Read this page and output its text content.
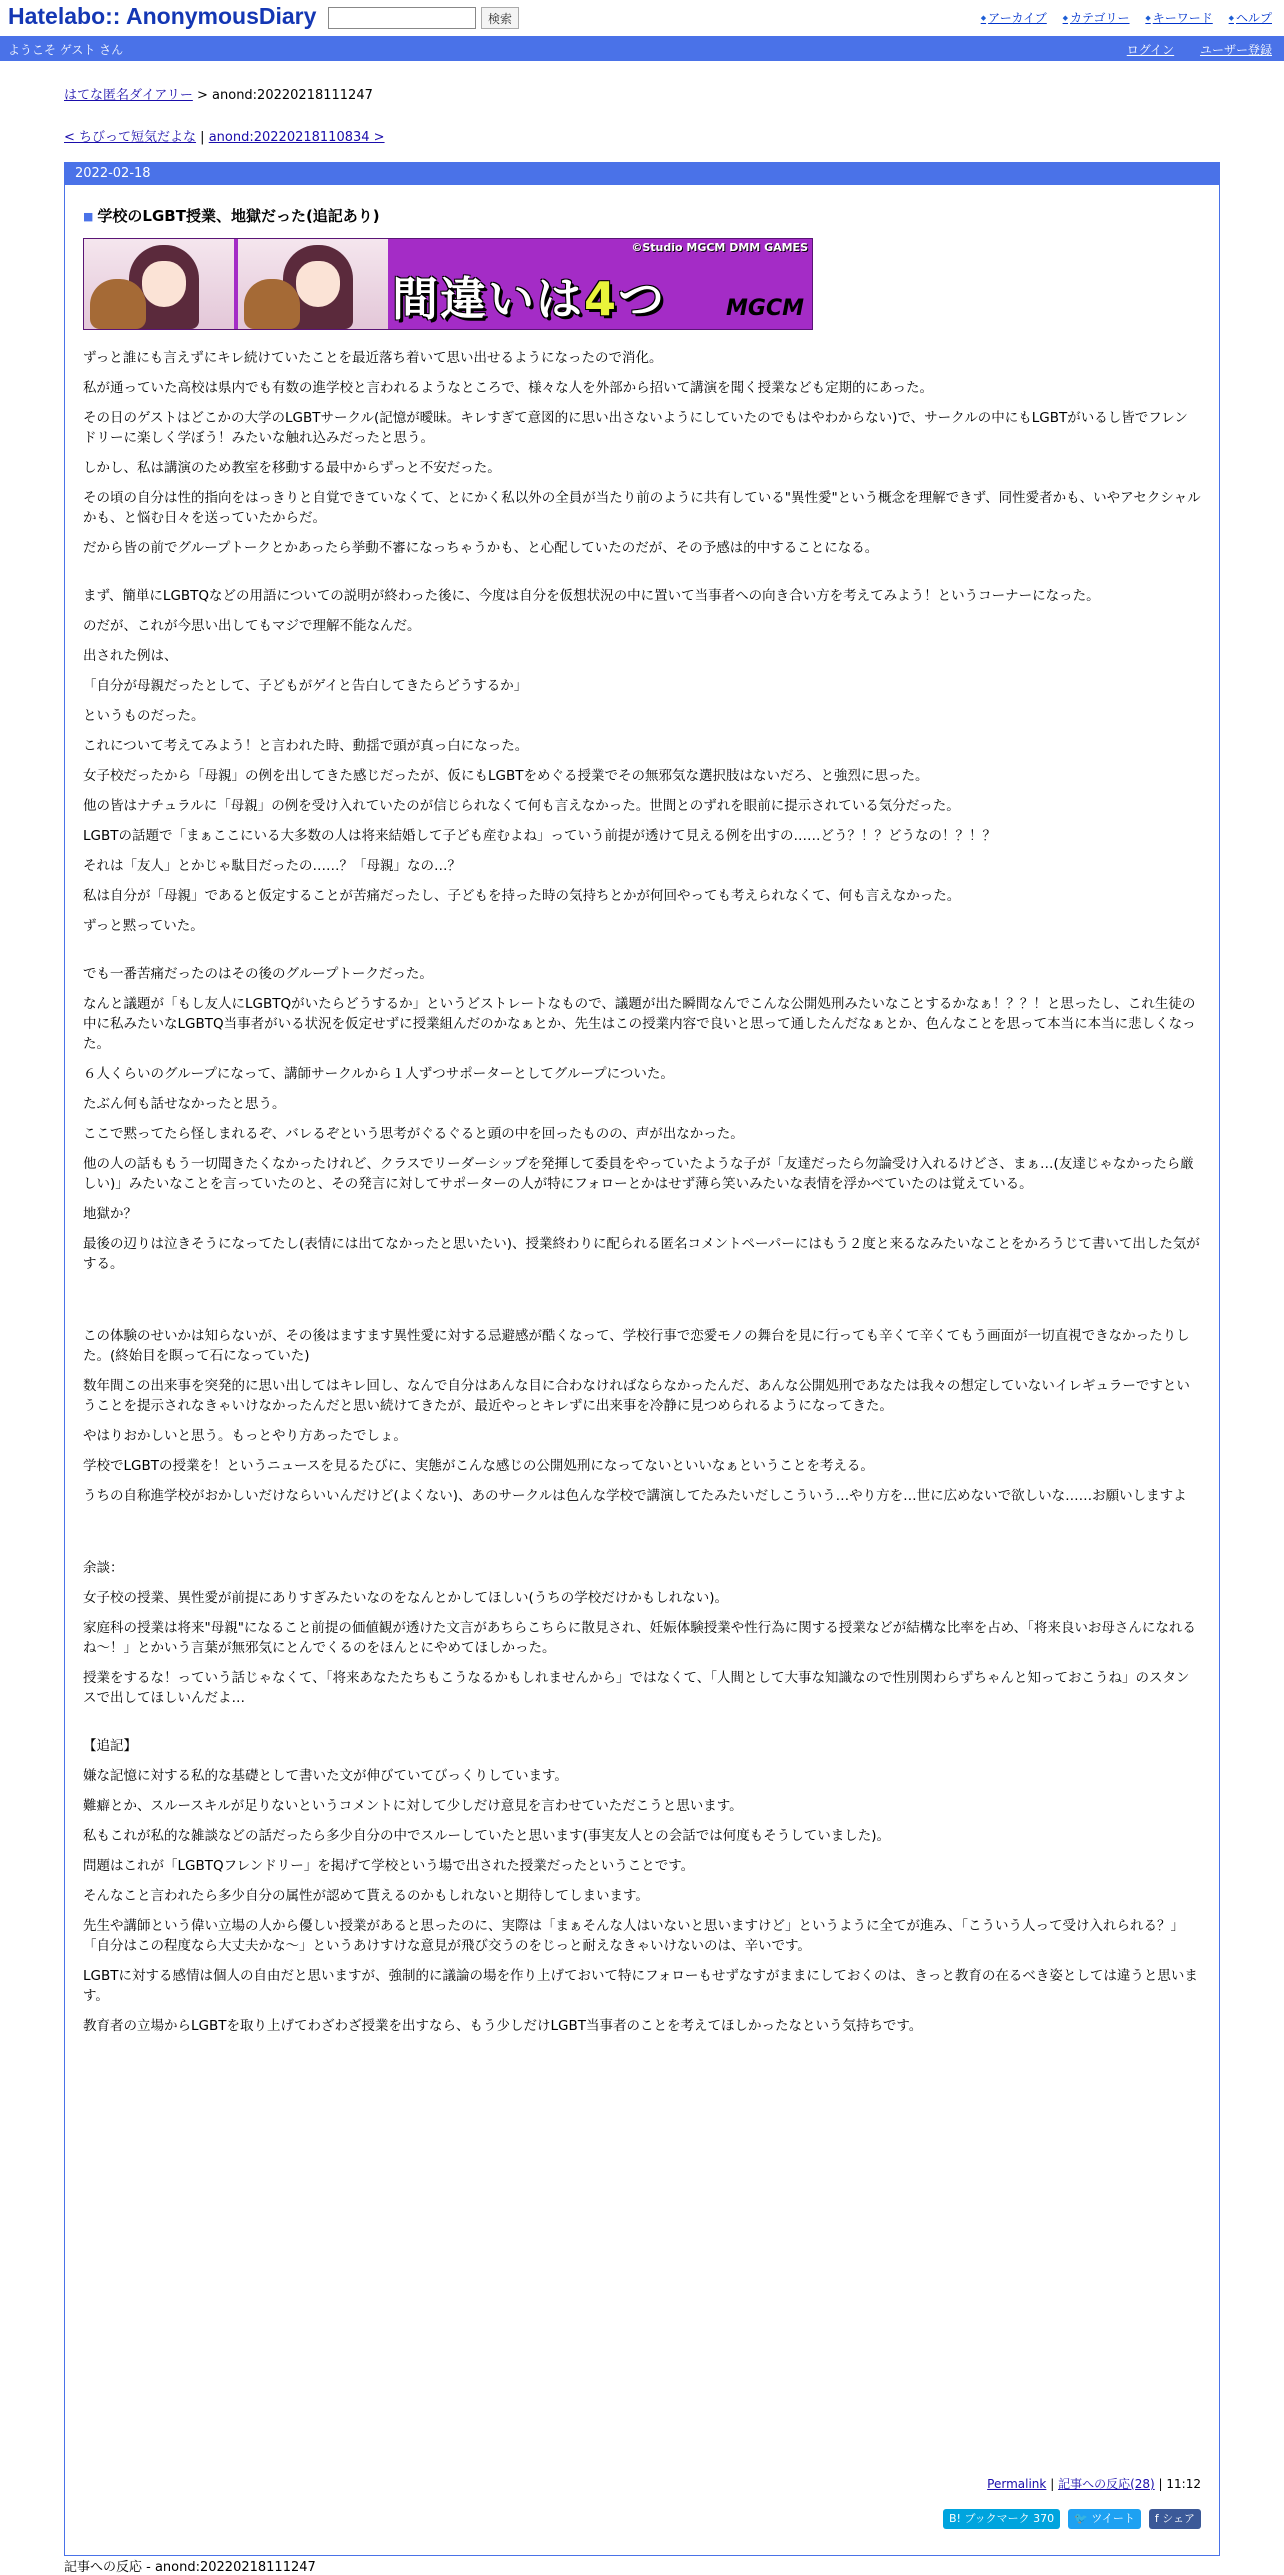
Hatelabo:: AnonymousDiary	検索	◆ アーカイブ ◆ カテゴリー ◆ キーワード ◆ ヘルプ
ようこそ ゲスト さん	ログイン ユーザー登録
はてな匿名ダイアリー > anond:20220218111247
< ちびって短気だよな | anond:20220218110834 >
2022-02-18
■ 学校のLGBT授業、地獄だった(追記あり)
間違いは4つ
©Studio MGCM DMM GAMES
MGCM

ずっと誰にも言えずにキレ続けていたことを最近落ち着いて思い出せるようになったので消化。

私が通っていた高校は県内でも有数の進学校と言われるようなところで、様々な人を外部から招いて講演を聞く授業なども定期的にあった。

その日のゲストはどこかの大学のLGBTサークル(記憶が曖昧。キレすぎて意図的に思い出さないようにしていたのでもはやわからない)で、サークルの中にもLGBTがいるし皆でフレンドリーに楽しく学ぼう！みたいな触れ込みだったと思う。

しかし、私は講演のため教室を移動する最中からずっと不安だった。

その頃の自分は性的指向をはっきりと自覚できていなくて、とにかく私以外の全員が当たり前のように共有している"異性愛"という概念を理解できず、同性愛者かも、いやアセクシャルかも、と悩む日々を送っていたからだ。

だから皆の前でグループトークとかあったら挙動不審になっちゃうかも、と心配していたのだが、その予感は的中することになる。

まず、簡単にLGBTQなどの用語についての説明が終わった後に、今度は自分を仮想状況の中に置いて当事者への向き合い方を考えてみよう！というコーナーになった。

のだが、これが今思い出してもマジで理解不能なんだ。

出された例は、

「自分が母親だったとして、子どもがゲイと告白してきたらどうするか」

というものだった。

これについて考えてみよう！と言われた時、動揺で頭が真っ白になった。

女子校だったから「母親」の例を出してきた感じだったが、仮にもLGBTをめぐる授業でその無邪気な選択肢はないだろ、と強烈に思った。

他の皆はナチュラルに「母親」の例を受け入れていたのが信じられなくて何も言えなかった。世間とのずれを眼前に提示されている気分だった。

LGBTの話題で「まぁここにいる大多数の人は将来結婚して子ども産むよね」っていう前提が透けて見える例を出すの……どう？！？どうなの！？！？

それは「友人」とかじゃ駄目だったの……？「母親」なの…？

私は自分が「母親」であると仮定することが苦痛だったし、子どもを持った時の気持ちとかが何回やっても考えられなくて、何も言えなかった。

ずっと黙っていた。

でも一番苦痛だったのはその後のグループトークだった。

なんと議題が「もし友人にLGBTQがいたらどうするか」というどストレートなもので、議題が出た瞬間なんでこんな公開処刑みたいなことするかなぁ！？？！と思ったし、これ生徒の中に私みたいなLGBTQ当事者がいる状況を仮定せずに授業組んだのかなぁとか、先生はこの授業内容で良いと思って通したんだなぁとか、色んなことを思って本当に本当に悲しくなった。

６人くらいのグループになって、講師サークルから１人ずつサポーターとしてグループについた。

たぶん何も話せなかったと思う。

ここで黙ってたら怪しまれるぞ、バレるぞという思考がぐるぐると頭の中を回ったものの、声が出なかった。

他の人の話ももう一切聞きたくなかったけれど、クラスでリーダーシップを発揮して委員をやっていたような子が「友達だったら勿論受け入れるけどさ、まぁ…(友達じゃなかったら厳しい)」みたいなことを言っていたのと、その発言に対してサポーターの人が特にフォローとかはせず薄ら笑いみたいな表情を浮かべていたのは覚えている。

地獄か？

最後の辺りは泣きそうになってたし(表情には出てなかったと思いたい)、授業終わりに配られる匿名コメントペーパーにはもう２度と来るなみたいなことをかろうじて書いて出した気がする。

この体験のせいかは知らないが、その後はますます異性愛に対する忌避感が酷くなって、学校行事で恋愛モノの舞台を見に行っても辛くて辛くてもう画面が一切直視できなかったりした。(終始目を瞑って石になっていた)

数年間この出来事を突発的に思い出してはキレ回し、なんで自分はあんな目に合わなければならなかったんだ、あんな公開処刑であなたは我々の想定していないイレギュラーですということを提示されなきゃいけなかったんだと思い続けてきたが、最近やっとキレずに出来事を冷静に見つめられるようになってきた。

やはりおかしいと思う。もっとやり方あったでしょ。

学校でLGBTの授業を！というニュースを見るたびに、実態がこんな感じの公開処刑になってないといいなぁということを考える。

うちの自称進学校がおかしいだけならいいんだけど(よくない)、あのサークルは色んな学校で講演してたみたいだしこういう…やり方を…世に広めないで欲しいな……お願いしますよ

余談：

女子校の授業、異性愛が前提にありすぎみたいなのをなんとかしてほしい(うちの学校だけかもしれない)。

家庭科の授業は将来"母親"になること前提の価値観が透けた文言があちらこちらに散見され、妊娠体験授業や性行為に関する授業などが結構な比率を占め、「将来良いお母さんになれるね～！」とかいう言葉が無邪気にとんでくるのをほんとにやめてほしかった。

授業をするな！っていう話じゃなくて、「将来あなたたちもこうなるかもしれませんから」ではなくて、「人間として大事な知識なので性別関わらずちゃんと知っておこうね」のスタンスで出してほしいんだよ…

【追記】

嫌な記憶に対する私的な基礎として書いた文が伸びていてびっくりしています。

難癖とか、スルースキルが足りないというコメントに対して少しだけ意見を言わせていただこうと思います。

私もこれが私的な雑談などの話だったら多少自分の中でスルーしていたと思います(事実友人との会話では何度もそうしていました)。

問題はこれが「LGBTQフレンドリー」を掲げて学校という場で出された授業だったということです。

そんなこと言われたら多少自分の属性が認めて貰えるのかもしれないと期待してしまいます。

先生や講師という偉い立場の人から優しい授業があると思ったのに、実際は「まぁそんな人はいないと思いますけど」というように全てが進み、「こういう人って受け入れられる？」「自分はこの程度なら大丈夫かな〜」というあけすけな意見が飛び交うのをじっと耐えなきゃいけないのは、辛いです。

LGBTに対する感情は個人の自由だと思いますが、強制的に議論の場を作り上げておいて特にフォローもせずなすがままにしておくのは、きっと教育の在るべき姿としては違うと思います。

教育者の立場からLGBTを取り上げてわざわざ授業を出すなら、もう少しだけLGBT当事者のことを考えてほしかったなという気持ちです。

Permalink | 記事への反応(28) | 11:12
B! ブックマーク 370	🐦 ツイート	f シェア
記事への反応 - anond:20220218111247
